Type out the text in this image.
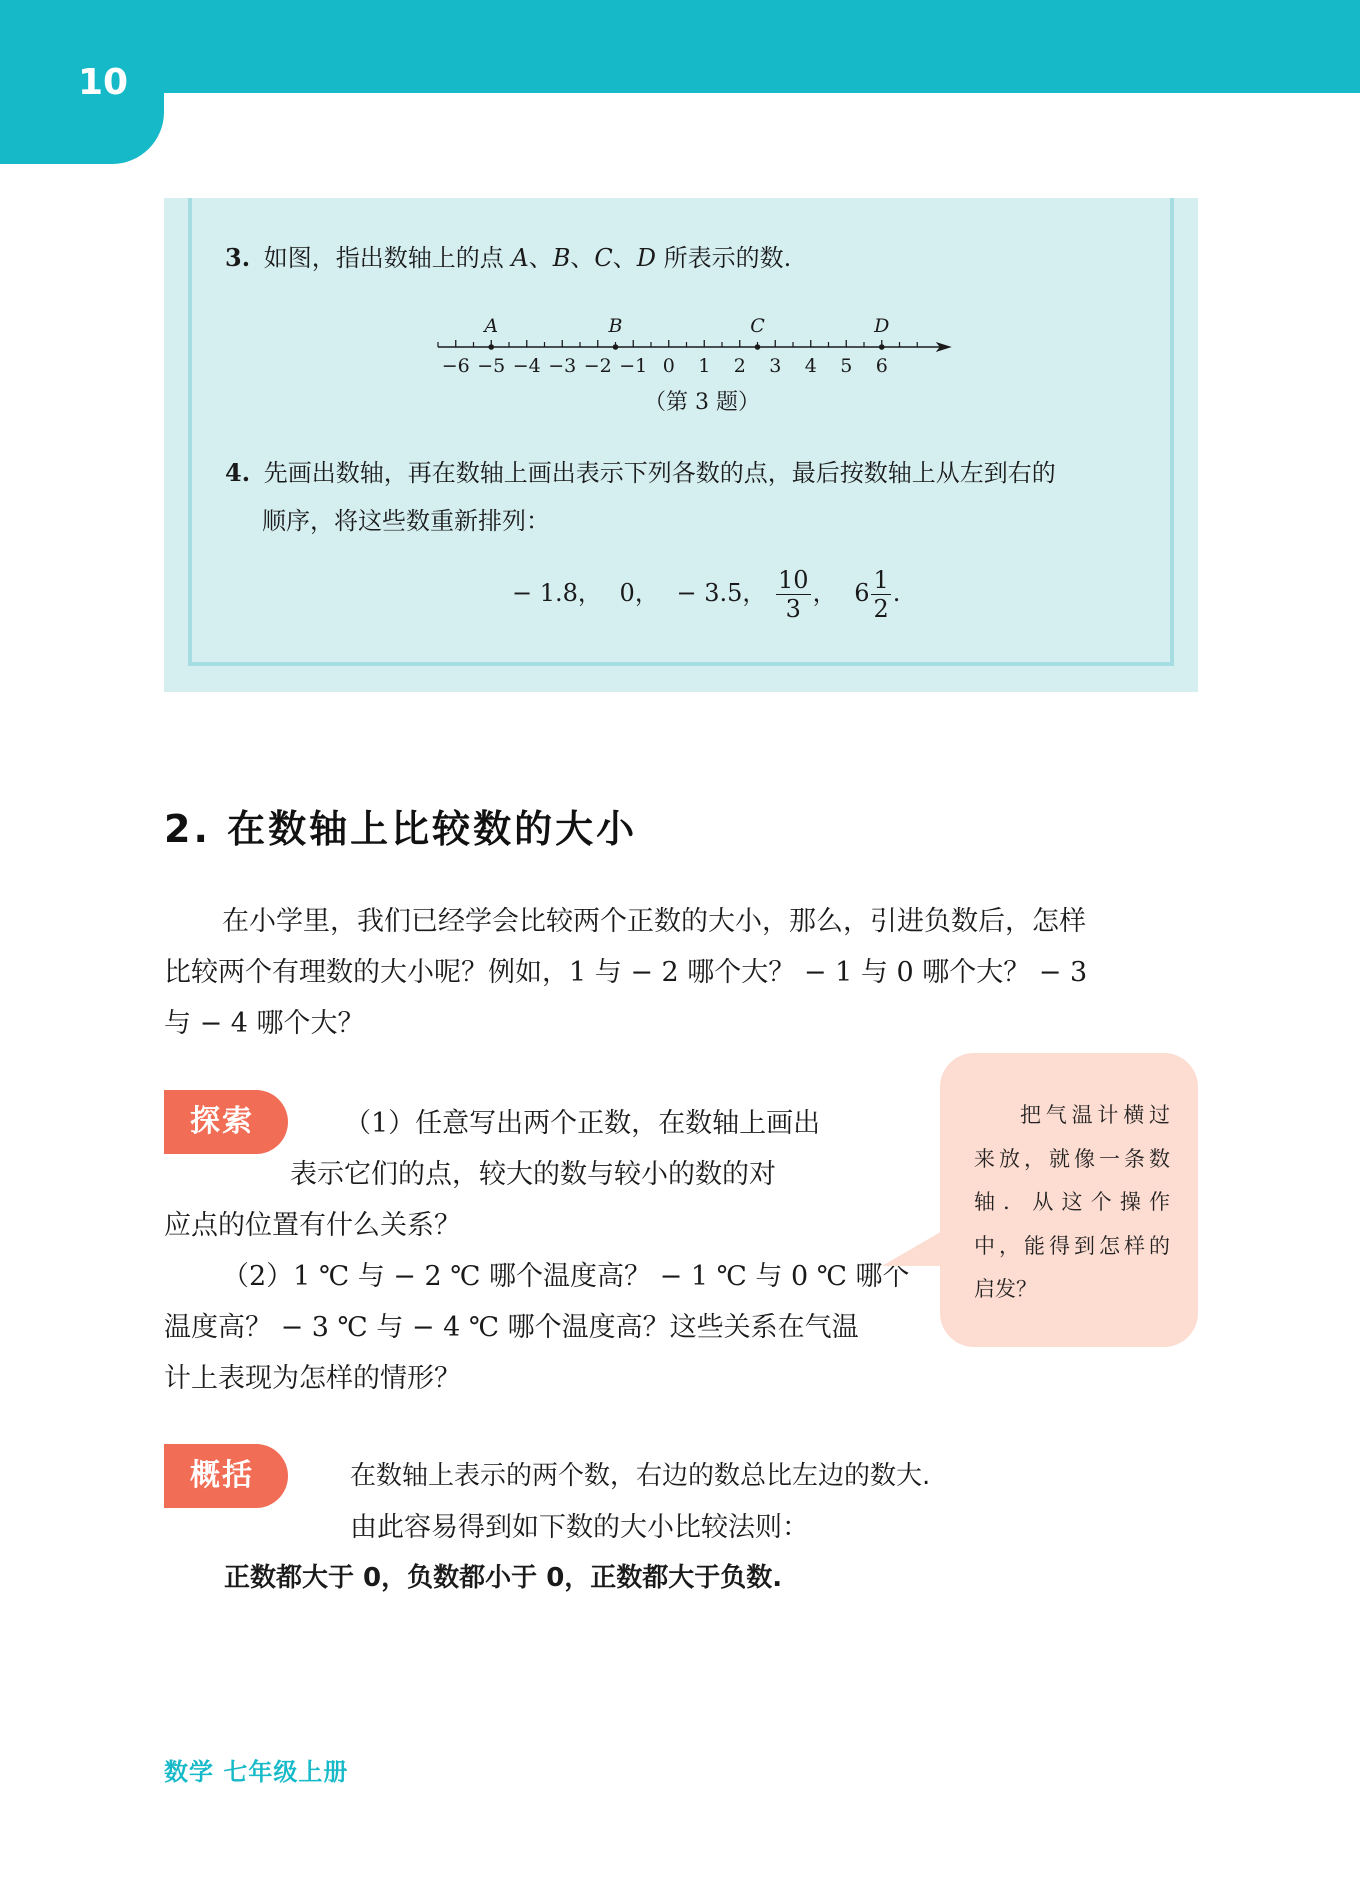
10
3. 如图，指出数轴上的点 A、B、C、D 所表示的数.
−6 −5 −4 −3 −2 −1 0 1 2 3 4 5 6
A	B	C	D
（第 3 题）
4. 先画出数轴，再在数轴上画出表示下列各数的点，最后按数轴上从左到右的
顺序，将这些数重新排列：
− 1.8， 0， − 3.5， $\frac{10}{3}$ ， $6 \frac{1}{2}$ .
2. 在数轴上比较数的大小
在小学里，我们已经学会比较两个正数的大小，那么，引进负数后，怎样
比较两个有理数的大小呢？例如，1 与 − 2 哪个大？ − 1 与 0 哪个大？ − 3
与 − 4 哪个大？
探索	（1）任意写出两个正数，在数轴上画出
表示它们的点，较大的数与较小的数的对
应点的位置有什么关系？
（2）1 ℃ 与 − 2 ℃ 哪个温度高？ − 1 ℃ 与 0 ℃ 哪个
温度高？ − 3 ℃ 与 − 4 ℃ 哪个温度高？这些关系在气温
计上表现为怎样的情形？
把气温计横过
来放，就像一条数
轴．从这个操作
中，能得到怎样的
启发？
概括	在数轴上表示的两个数，右边的数总比左边的数大.
由此容易得到如下数的大小比较法则：
正数都大于 0，负数都小于 0，正数都大于负数.
数学 七年级上册
